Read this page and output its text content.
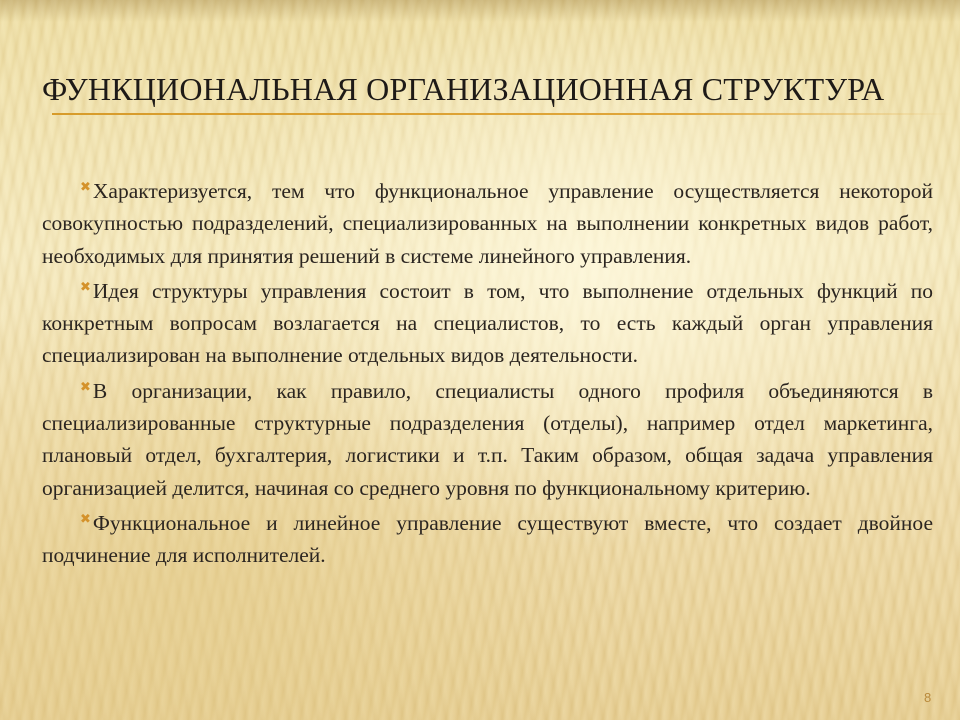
ФУНКЦИОНАЛЬНАЯ ОРГАНИЗАЦИОННАЯ СТРУКТУРА
✖Характеризуется, тем что функциональное управление осуществляется некоторой совокупностью подразделений, специализированных на выполнении конкретных видов работ, необходимых для принятия решений в системе линейного управления.
✖Идея структуры управления состоит в том, что выполнение отдельных функций по конкретным вопросам возлагается на специалистов, то есть каждый орган управления специализирован на выполнение отдельных видов деятельности.
✖В организации, как правило, специалисты одного профиля объединяются в специализированные структурные подразделения (отделы), например отдел маркетинга, плановый отдел, бухгалтерия, логистики и т.п. Таким образом, общая задача управления организацией делится, начиная со среднего уровня по функциональному критерию.
✖Функциональное и линейное управление существуют вместе, что создает двойное подчинение для исполнителей.
8
